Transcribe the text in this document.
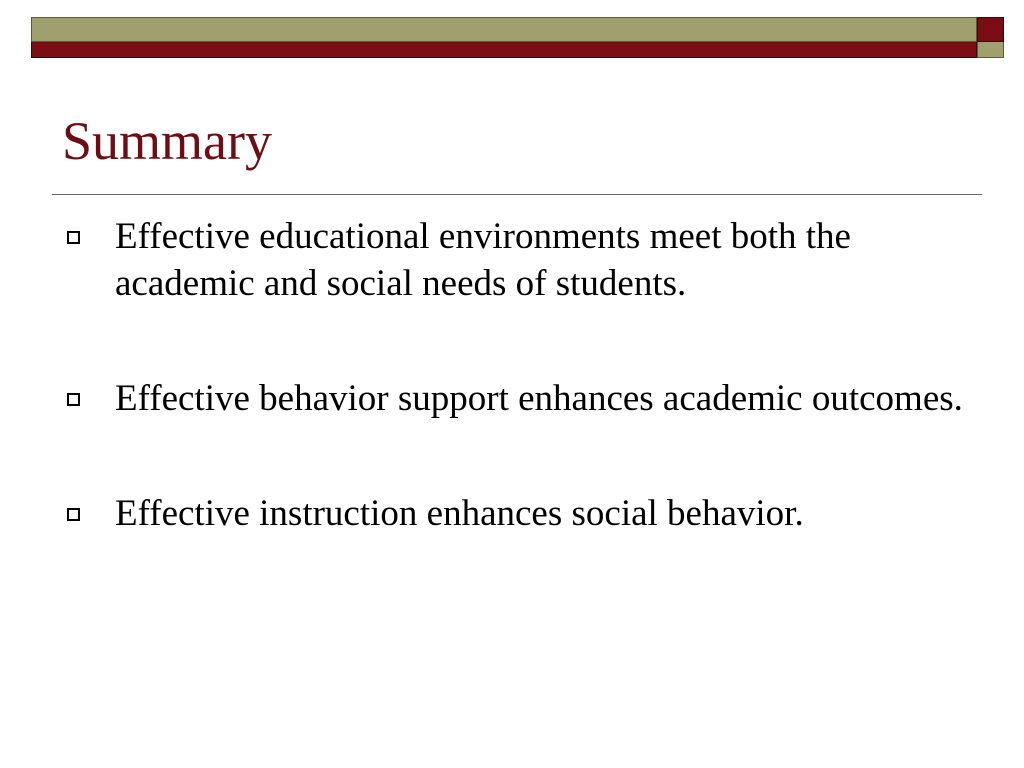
Summary
Effective educational environments meet both the academic and social needs of students.
Effective behavior support enhances academic outcomes.
Effective instruction enhances social behavior.
